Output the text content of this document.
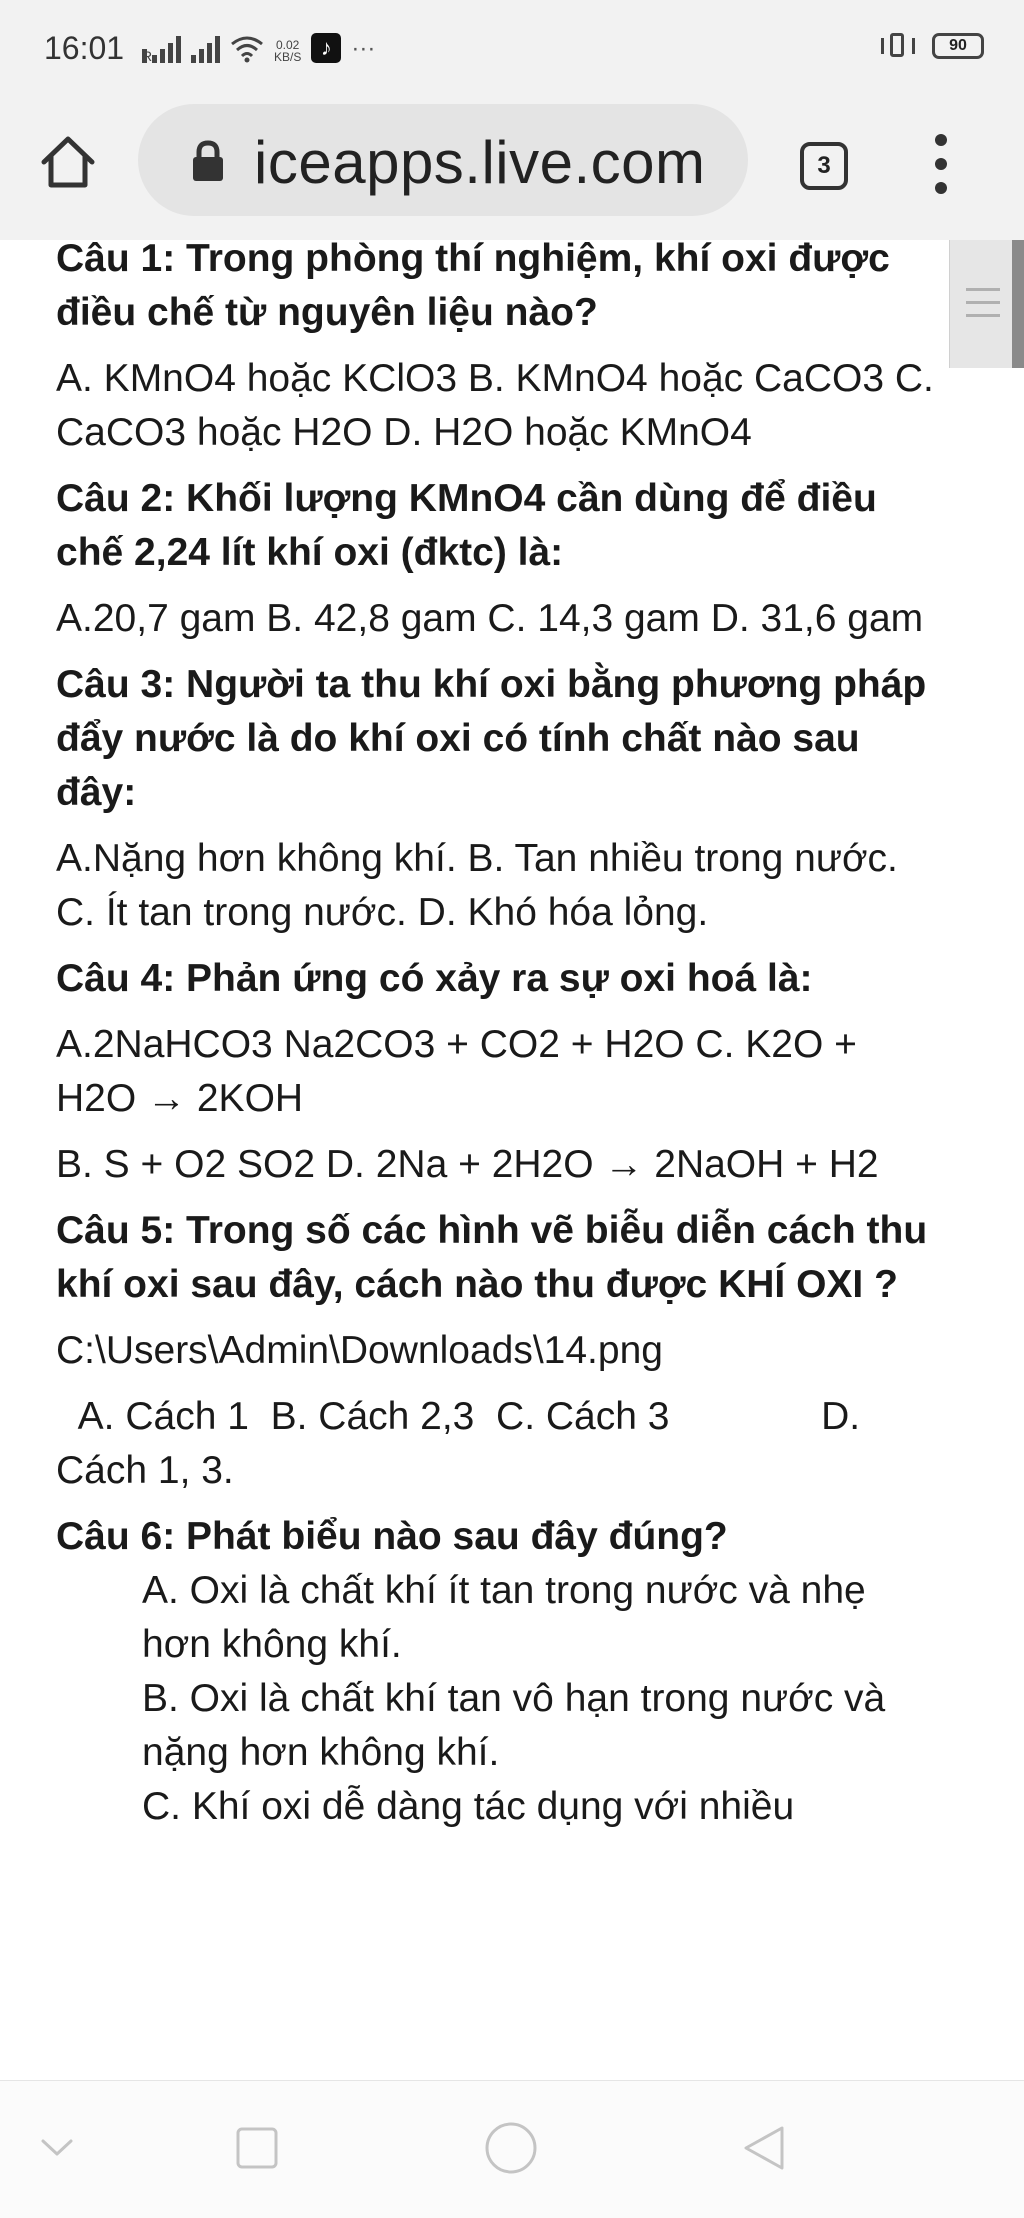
16:01 R
0.02
KB/S ♪ ···	90
iceapps.live.com	3

Câu 1: Trong phòng thí nghiệm, khí oxi được điều chế từ nguyên liệu nào?

A. KMnO4 hoặc KClO3 B. KMnO4 hoặc CaCO3 C. CaCO3 hoặc H2O D. H2O hoặc KMnO4

Câu 2: Khối lượng KMnO4 cần dùng để điều chế 2,24 lít khí oxi (đktc) là:

A.20,7 gam B. 42,8 gam C. 14,3 gam D. 31,6 gam

Câu 3: Người ta thu khí oxi bằng phương pháp đẩy nước là do khí oxi có tính chất nào sau đây:

A.Nặng hơn không khí. B. Tan nhiều trong nước. C. Ít tan trong nước. D. Khó hóa lỏng.

Câu 4: Phản ứng có xảy ra sự oxi hoá là:

A.2NaHCO3 Na2CO3 + CO2 + H2O C. K2O + H2O → 2KOH

B. S + O2 SO2 D. 2Na + 2H2O → 2NaOH + H2

Câu 5: Trong số các hình vẽ biễu diễn cách thu khí oxi sau đây, cách nào thu được KHÍ OXI ?

C:\Users\Admin\Downloads\14.png

A. Cách 1  B. Cách 2,3  C. Cách 3              D. Cách 1, 3.

Câu 6: Phát biểu nào sau đây đúng?

A. Oxi là chất khí ít tan trong nước và nhẹ hơn không khí.

B. Oxi là chất khí tan vô hạn trong nước và nặng hơn không khí.

C. Khí oxi dễ dàng tác dụng với nhiều
